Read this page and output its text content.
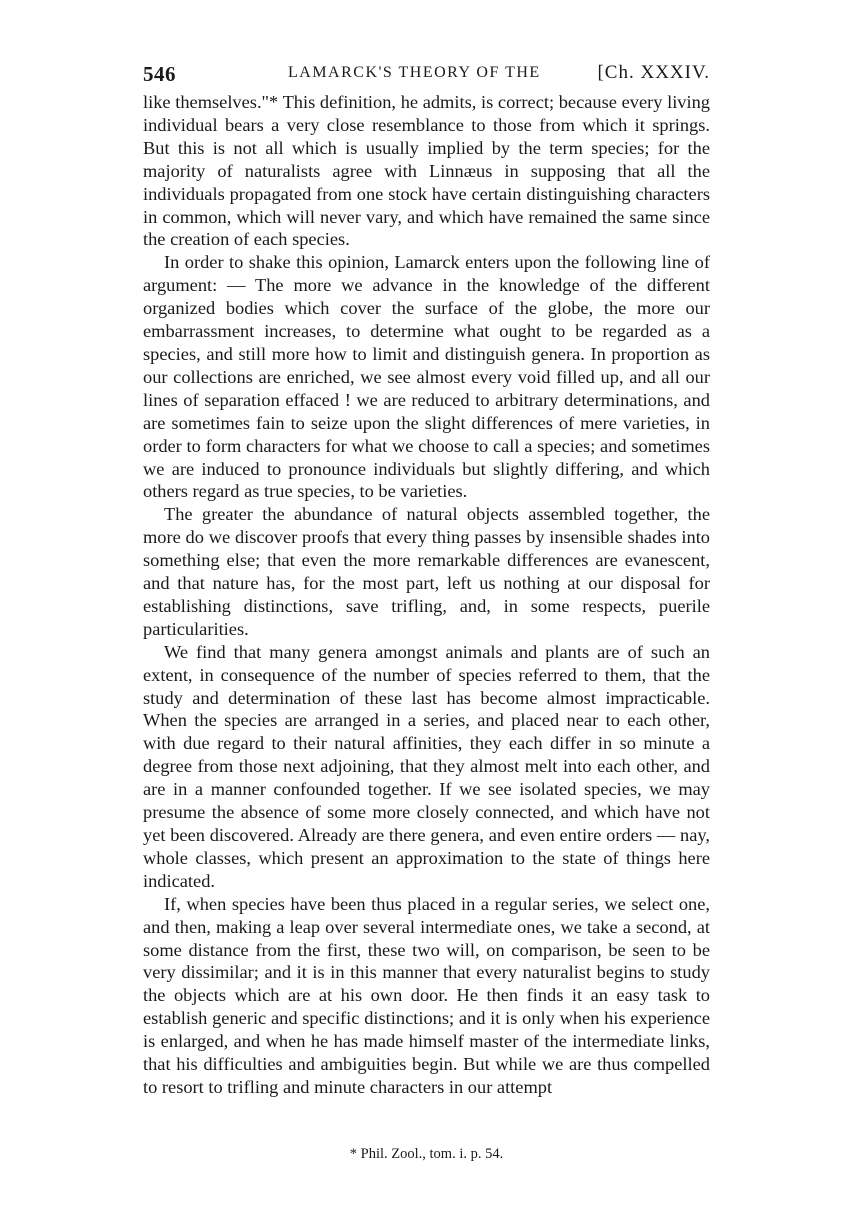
546	LAMARCK'S THEORY OF THE	[Ch. XXXIV.

like themselves."* This definition, he admits, is correct; because every living individual bears a very close resemblance to those from which it springs. But this is not all which is usually implied by the term species; for the majority of naturalists agree with Linnæus in supposing that all the individuals propagated from one stock have certain distinguishing characters in common, which will never vary, and which have remained the same since the creation of each species.

In order to shake this opinion, Lamarck enters upon the following line of argument: — The more we advance in the knowledge of the different organized bodies which cover the surface of the globe, the more our embarrassment increases, to determine what ought to be regarded as a species, and still more how to limit and distinguish genera. In proportion as our collections are enriched, we see almost every void filled up, and all our lines of separation effaced ! we are reduced to arbitrary determinations, and are sometimes fain to seize upon the slight differences of mere varieties, in order to form characters for what we choose to call a species; and sometimes we are induced to pronounce individuals but slightly differing, and which others regard as true species, to be varieties.

The greater the abundance of natural objects assembled together, the more do we discover proofs that every thing passes by insensible shades into something else; that even the more remarkable differences are evanescent, and that nature has, for the most part, left us nothing at our disposal for establishing distinctions, save trifling, and, in some respects, puerile particularities.

We find that many genera amongst animals and plants are of such an extent, in consequence of the number of species referred to them, that the study and determination of these last has become almost impracticable. When the species are arranged in a series, and placed near to each other, with due regard to their natural affinities, they each differ in so minute a degree from those next adjoining, that they almost melt into each other, and are in a manner confounded together. If we see isolated species, we may presume the absence of some more closely connected, and which have not yet been discovered. Already are there genera, and even entire orders — nay, whole classes, which present an approximation to the state of things here indicated.

If, when species have been thus placed in a regular series, we select one, and then, making a leap over several intermediate ones, we take a second, at some distance from the first, these two will, on comparison, be seen to be very dissimilar; and it is in this manner that every naturalist begins to study the objects which are at his own door. He then finds it an easy task to establish generic and specific distinctions; and it is only when his experience is enlarged, and when he has made himself master of the intermediate links, that his difficulties and ambiguities begin. But while we are thus compelled to resort to trifling and minute characters in our attempt

* Phil. Zool., tom. i. p. 54.
